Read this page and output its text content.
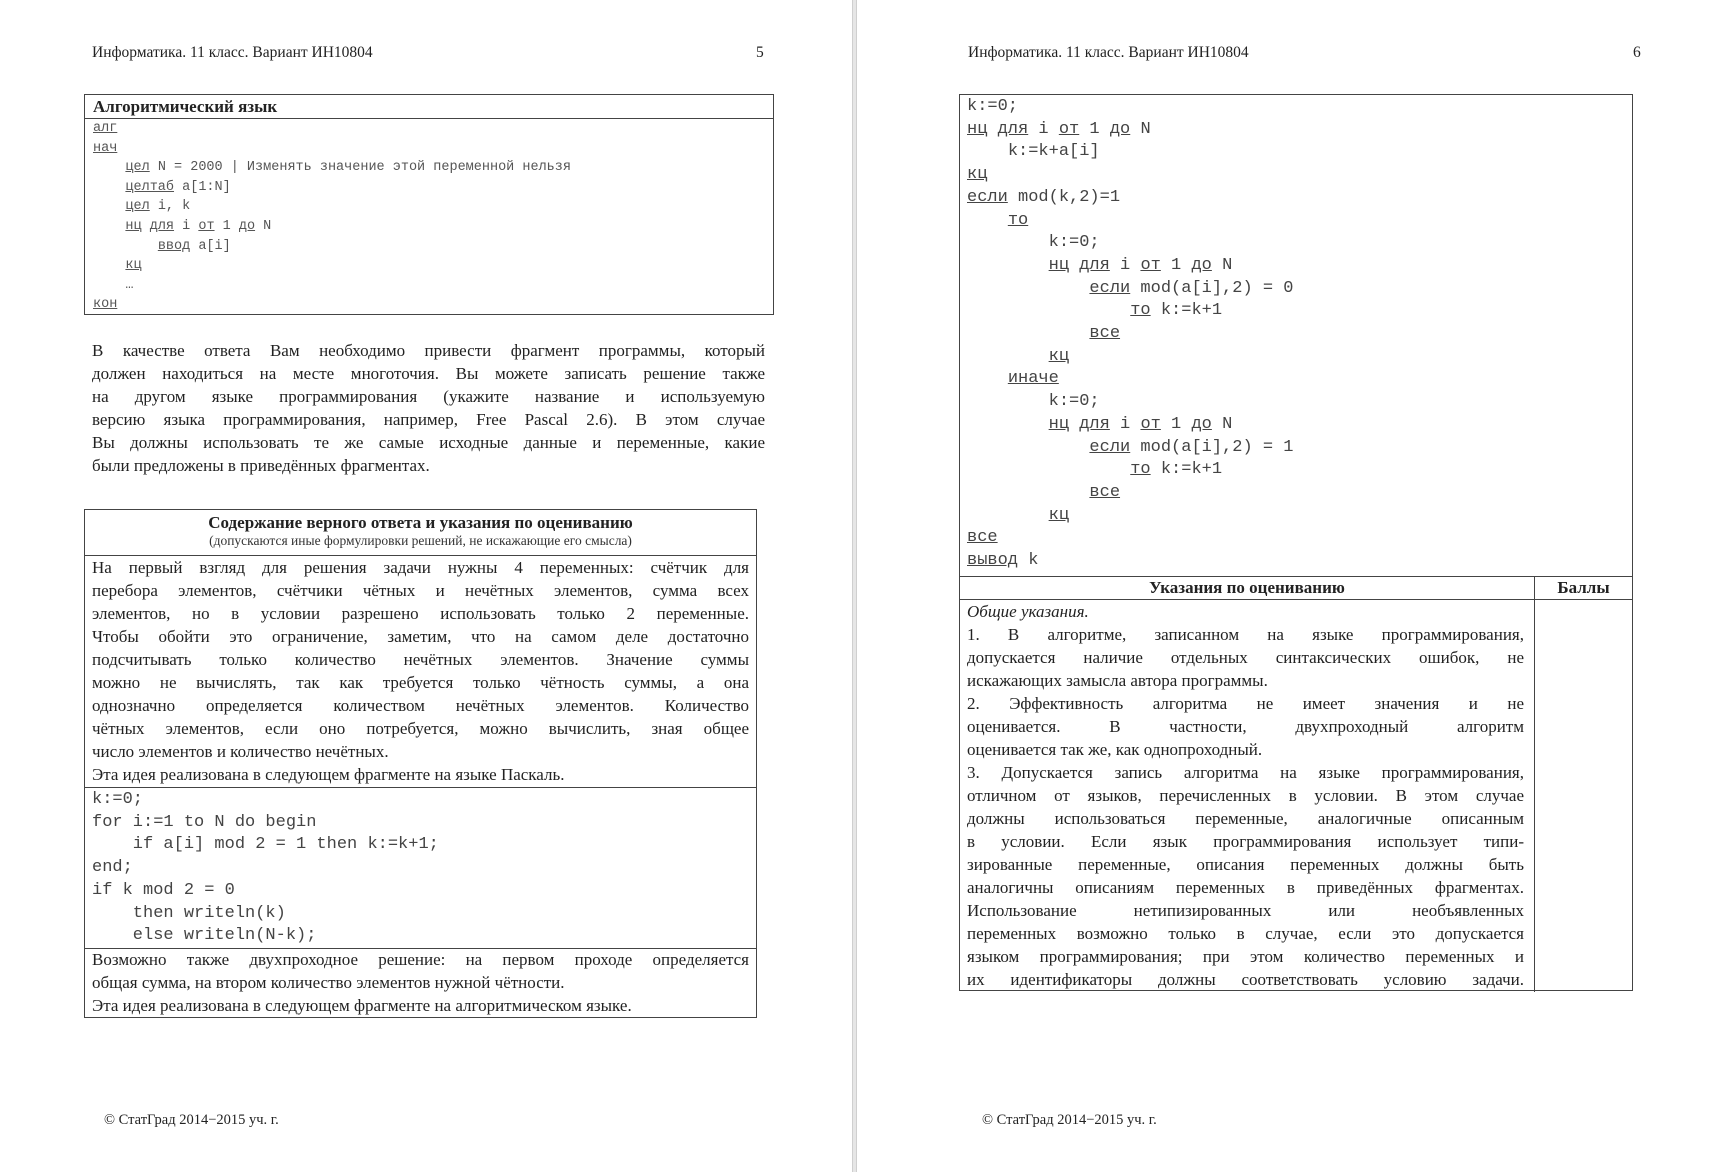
Информатика. 11 класс. Вариант ИН10804	5
Алгоритмический язык
алг
нач
цел N = 2000 | Изменять значение этой переменной нельзя
целтаб a[1:N]
цел i, k
нц для i от 1 до N
ввод a[i]
кц
…
кон
В качестве ответа Вам необходимо привести фрагмент программы, который
должен находиться на месте многоточия. Вы можете записать решение также
на другом языке программирования (укажите название и используемую
версию языка программирования, например, Free Pascal 2.6). В этом случае
Вы должны использовать те же самые исходные данные и переменные, какие
были предложены в приведённых фрагментах.
Содержание верного ответа и указания по оцениванию
(допускаются иные формулировки решений, не искажающие его смысла)
На первый взгляд для решения задачи нужны 4 переменных: счётчик для
перебора элементов, счётчики чётных и нечётных элементов, сумма всех
элементов, но в условии разрешено использовать только 2 переменные.
Чтобы обойти это ограничение, заметим, что на самом деле достаточно
подсчитывать только количество нечётных элементов. Значение суммы
можно не вычислять, так как требуется только чётность суммы, а она
однозначно определяется количеством нечётных элементов. Количество
чётных элементов, если оно потребуется, можно вычислить, зная общее
число элементов и количество нечётных.
Эта идея реализована в следующем фрагменте на языке Паскаль.
k:=0;
for i:=1 to N do begin
if a[i] mod 2 = 1 then k:=k+1;
end;
if k mod 2 = 0
then writeln(k)
else writeln(N-k);
Возможно также двухпроходное решение: на первом проходе определяется
общая сумма, на втором количество элементов нужной чётности.
Эта идея реализована в следующем фрагменте на алгоритмическом языке.
© СтатГрад 2014−2015 уч. г.
Информатика. 11 класс. Вариант ИН10804	6
k:=0;
нц для i от 1 до N
k:=k+a[i]
кц
если mod(k,2)=1
то
k:=0;
нц для i от 1 до N
если mod(a[i],2) = 0
то k:=k+1
все
кц
иначе
k:=0;
нц для i от 1 до N
если mod(a[i],2) = 1
то k:=k+1
все
кц
все
вывод k
Указания по оцениванию	Баллы
Общие указания.
1. В алгоритме, записанном на языке программирования,
допускается наличие отдельных синтаксических ошибок, не
искажающих замысла автора программы.
2. Эффективность алгоритма не имеет значения и не
оценивается. В частности, двухпроходный алгоритм
оценивается так же, как однопроходный.
3. Допускается запись алгоритма на языке программирования,
отличном от языков, перечисленных в условии. В этом случае
должны использоваться переменные, аналогичные описанным
в условии. Если язык программирования использует типи-
зированные переменные, описания переменных должны быть
аналогичны описаниям переменных в приведённых фрагментах.
Использование нетипизированных или необъявленных
переменных возможно только в случае, если это допускается
языком программирования; при этом количество переменных и
их идентификаторы должны соответствовать условию задачи.
© СтатГрад 2014−2015 уч. г.
